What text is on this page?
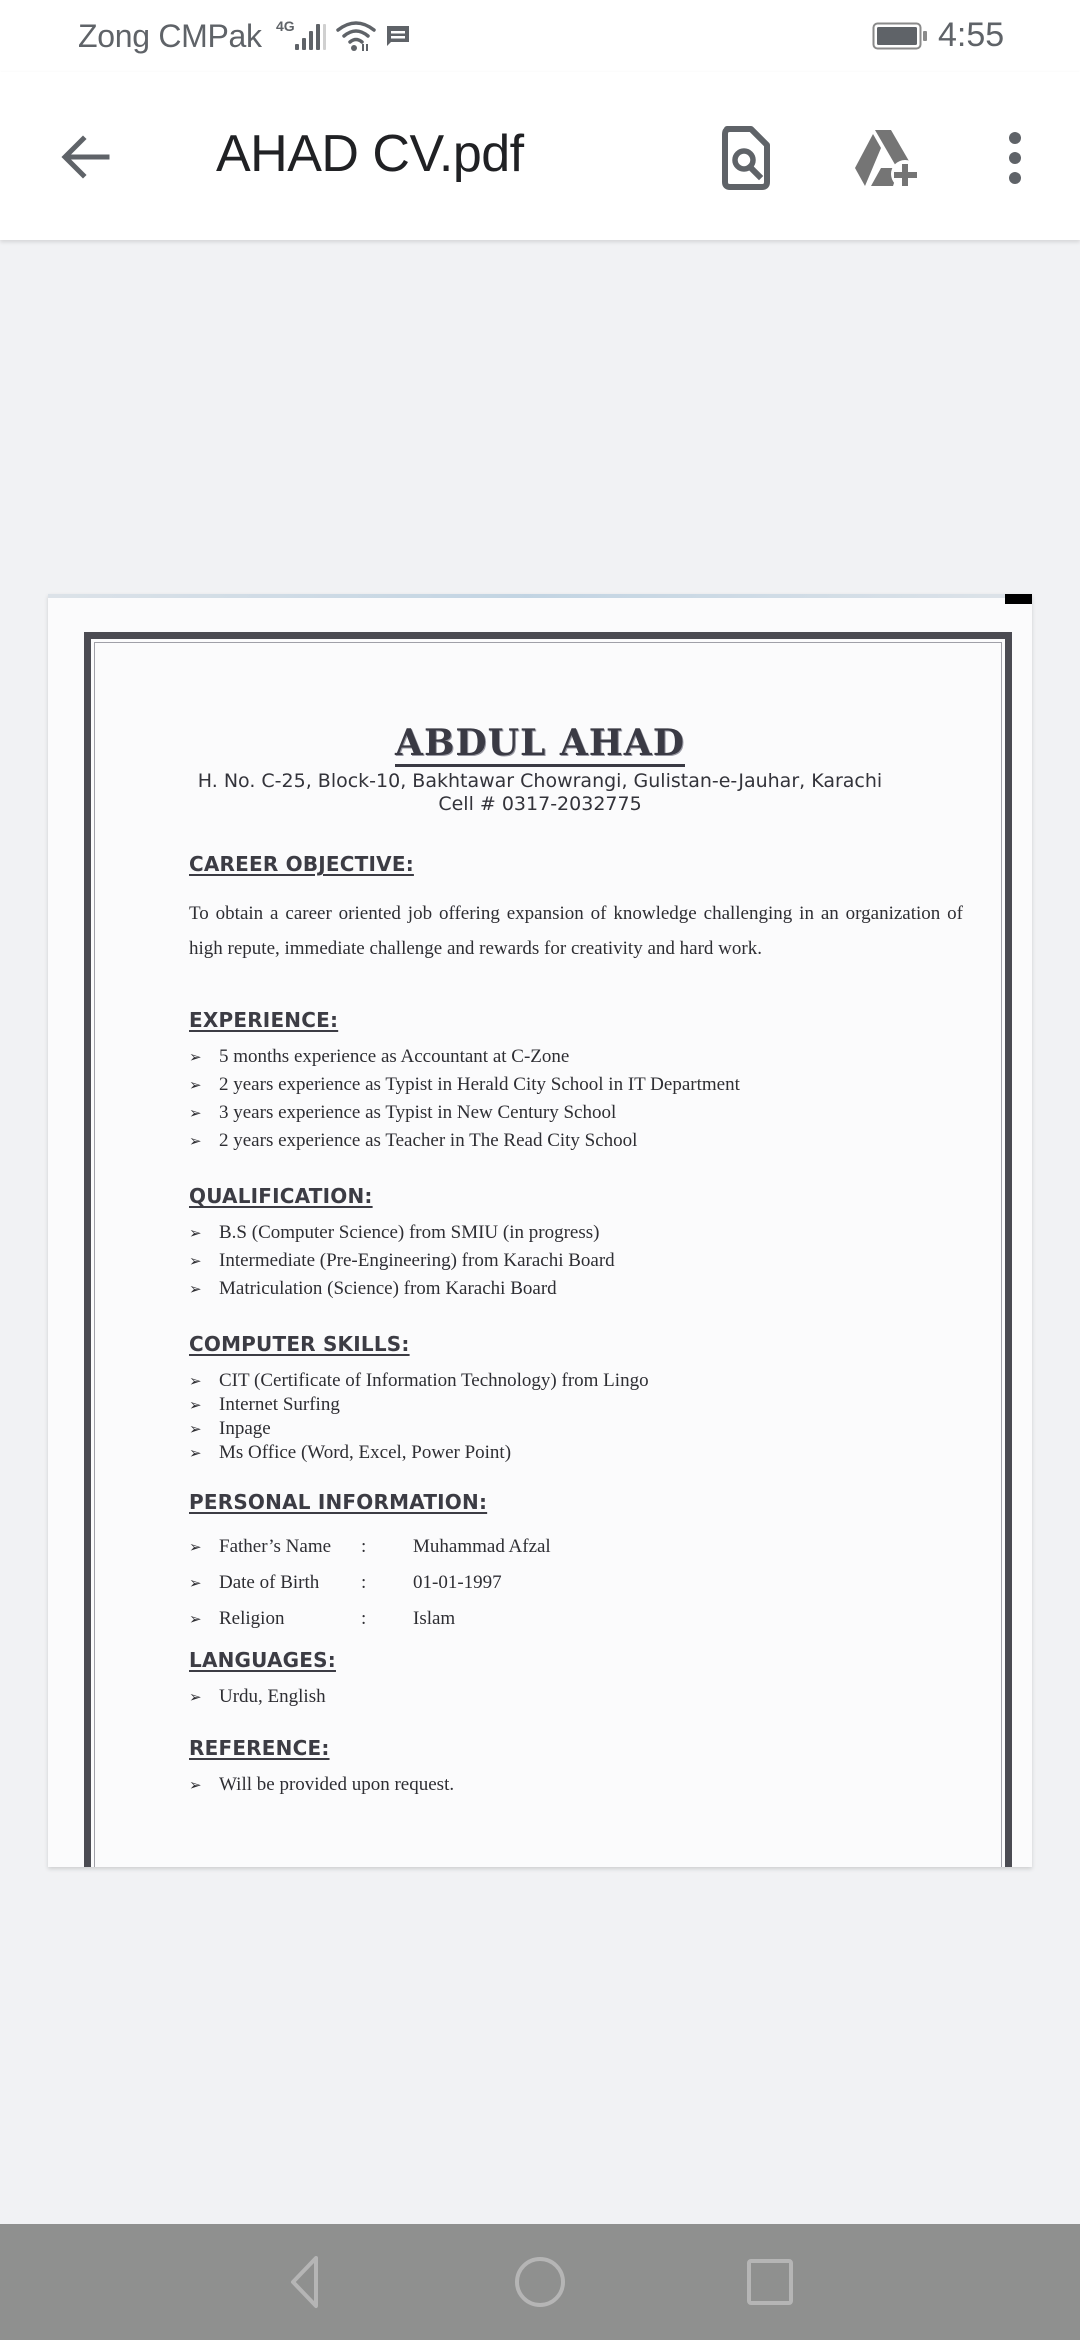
Zong CMPak 4G	4:55
AHAD CV.pdf
ABDUL AHAD
H. No. C-25, Block-10, Bakhtawar Chowrangi, Gulistan-e-Jauhar, Karachi
Cell # 0317-2032775
CAREER OBJECTIVE:
To obtain a career oriented job offering expansion of knowledge challenging in an organization of high repute, immediate challenge and rewards for creativity and hard work.
EXPERIENCE:
➢ 5 months experience as Accountant at C-Zone
➢ 2 years experience as Typist in Herald City School in IT Department
➢ 3 years experience as Typist in New Century School
➢ 2 years experience as Teacher in The Read City School
QUALIFICATION:
➢ B.S (Computer Science) from SMIU (in progress)
➢ Intermediate (Pre-Engineering) from Karachi Board
➢ Matriculation (Science) from Karachi Board
COMPUTER SKILLS:
➢ CIT (Certificate of Information Technology) from Lingo
➢ Internet Surfing
➢ Inpage
➢ Ms Office (Word, Excel, Power Point)
PERSONAL INFORMATION:
➢ Father’s Name	:	Muhammad Afzal
➢ Date of Birth	:	01-01-1997
➢ Religion	:	Islam
LANGUAGES:
➢ Urdu, English
REFERENCE:
➢ Will be provided upon request.
